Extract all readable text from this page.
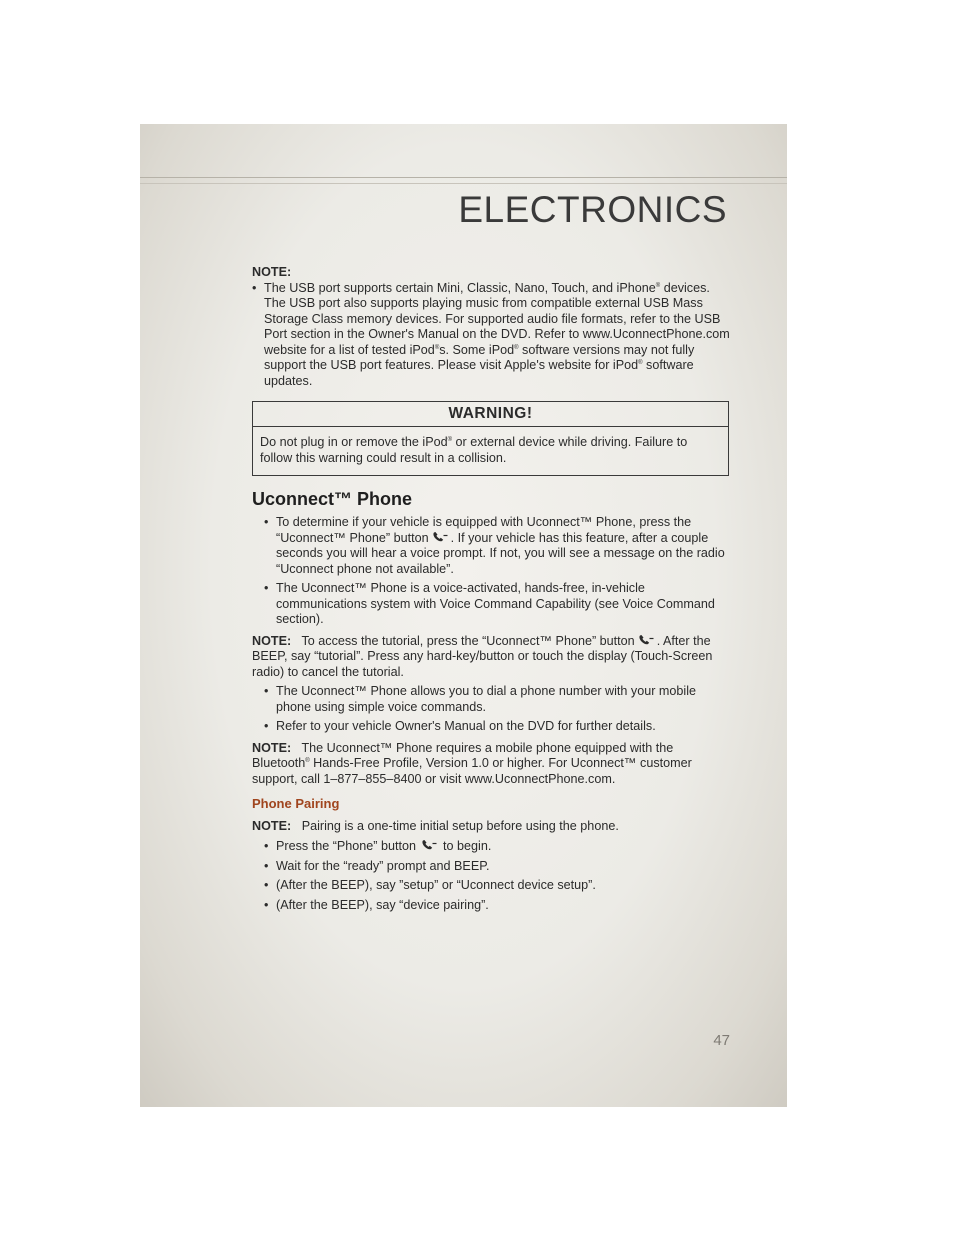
ELECTRONICS
NOTE:
• The USB port supports certain Mini, Classic, Nano, Touch, and iPhone® devices. The USB port also supports playing music from compatible external USB Mass Storage Class memory devices. For supported audio file formats, refer to the USB Port section in the Owner's Manual on the DVD. Refer to www.UconnectPhone.com website for a list of tested iPod®s. Some iPod® software versions may not fully support the USB port features. Please visit Apple's website for iPod® software updates.
WARNING!
Do not plug in or remove the iPod® or external device while driving. Failure to follow this warning could result in a collision.
Uconnect™ Phone
• To determine if your vehicle is equipped with Uconnect™ Phone, press the “Uconnect™ Phone” button . If your vehicle has this feature, after a couple seconds you will hear a voice prompt. If not, you will see a message on the radio “Uconnect phone not available”.
• The Uconnect™ Phone is a voice-activated, hands-free, in-vehicle communications system with Voice Command Capability (see Voice Command section).
NOTE: To access the tutorial, press the “Uconnect™ Phone” button . After the BEEP, say “tutorial”. Press any hard-key/button or touch the display (Touch-Screen radio) to cancel the tutorial.
• The Uconnect™ Phone allows you to dial a phone number with your mobile phone using simple voice commands.
• Refer to your vehicle Owner's Manual on the DVD for further details.
NOTE: The Uconnect™ Phone requires a mobile phone equipped with the Bluetooth® Hands-Free Profile, Version 1.0 or higher. For Uconnect™ customer support, call 1–877–855–8400 or visit www.UconnectPhone.com.
Phone Pairing
NOTE: Pairing is a one-time initial setup before using the phone.
• Press the “Phone” button to begin.
• Wait for the “ready” prompt and BEEP.
• (After the BEEP), say ”setup” or “Uconnect device setup”.
• (After the BEEP), say “device pairing”.
47
